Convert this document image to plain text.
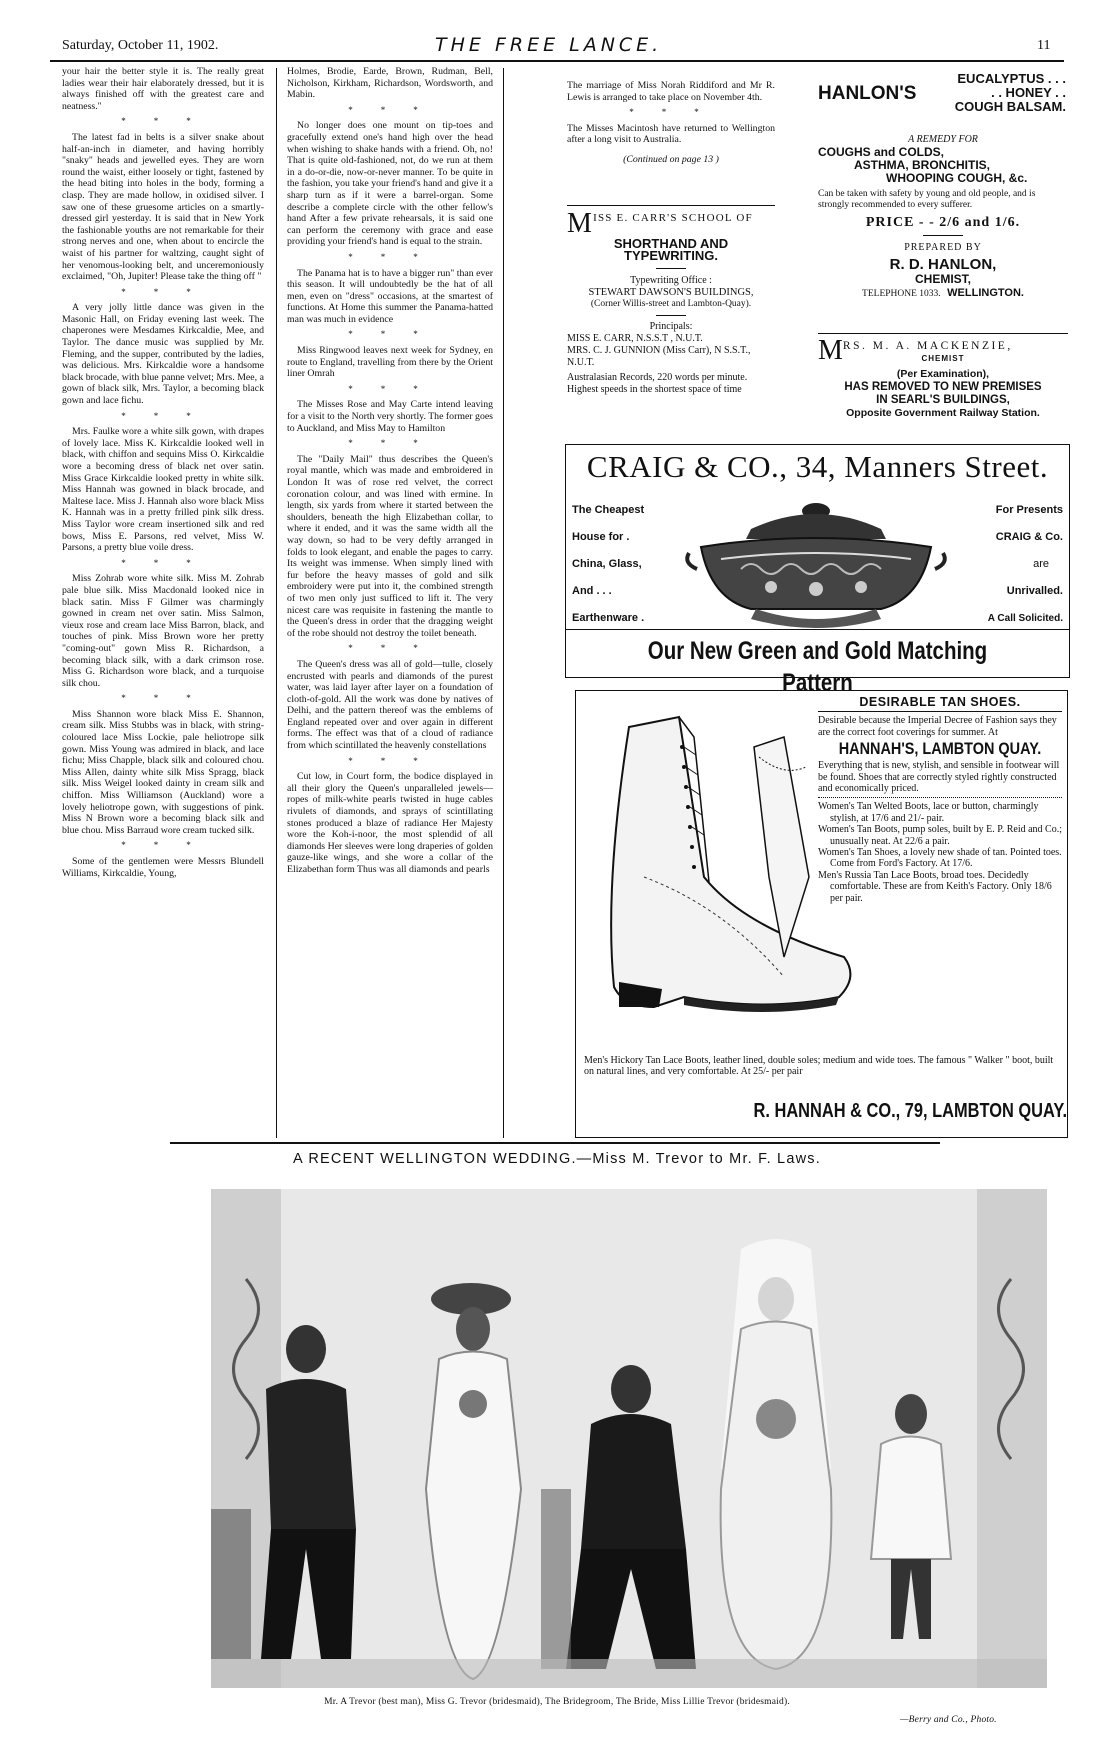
Saturday, October 11, 1902.	THE FREE LANCE.	11

your hair the better style it is. The really great ladies wear their hair elaborately dressed, but it is always finished off with the greatest care and neatness."

***

The latest fad in belts is a silver snake about half-an-inch in diameter, and having horribly "snaky" heads and jewelled eyes. They are worn round the waist, either loosely or tight, fastened by the head biting into holes in the body, forming a clasp. They are made hollow, in oxidised silver. I saw one of these gruesome articles on a smartly-dressed girl yesterday. It is said that in New York the fashionable youths are not remarkable for their strong nerves and one, when about to encircle the waist of his partner for waltzing, caught sight of her venomous-looking belt, and unceremoniously exclaimed, "Oh, Jupiter! Please take the thing off "

***

A very jolly little dance was given in the Masonic Hall, on Friday evening last week. The chaperones were Mesdames Kirkcaldie, Mee, and Taylor. The dance music was supplied by Mr. Fleming, and the supper, contributed by the ladies, was delicious. Mrs. Kirkcaldie wore a handsome black brocade, with blue panne velvet; Mrs. Mee, a gown of black silk, Mrs. Taylor, a becoming black gown and lace fichu.

***

Mrs. Faulke wore a white silk gown, with drapes of lovely lace. Miss K. Kirkcaldie looked well in black, with chiffon and sequins Miss O. Kirkcaldie wore a becoming dress of black net over satin. Miss Grace Kirkcaldie looked pretty in white silk. Miss Hannah was gowned in black brocade, and Maltese lace. Miss J. Hannah also wore black Miss K. Hannah was in a pretty frilled pink silk dress. Miss Taylor wore cream insertioned silk and red bows, Miss E. Parsons, red velvet, Miss W. Parsons, a pretty blue voile dress.

***

Miss Zohrab wore white silk. Miss M. Zohrab pale blue silk. Miss Macdonald looked nice in black satin. Miss F Gilmer was charmingly gowned in cream net over satin. Miss Salmon, vieux rose and cream lace Miss Barron, black, and touches of pink. Miss Brown wore her pretty "coming-out" gown Miss R. Richardson, a becoming black silk, with a dark crimson rose. Miss G. Richardson wore black, and a turquoise silk chou.

***

Miss Shannon wore black Miss E. Shannon, cream silk. Miss Stubbs was in black, with string-coloured lace Miss Lockie, pale heliotrope silk gown. Miss Young was admired in black, and lace fichu; Miss Chapple, black silk and coloured chou. Miss Allen, dainty white silk Miss Spragg, black silk. Miss Weigel looked dainty in cream silk and chiffon. Miss Williamson (Auckland) wore a lovely heliotrope gown, with suggestions of pink. Miss N Brown wore a becoming black silk and blue chou. Miss Barraud wore cream tucked silk.

***

Some of the gentlemen were Messrs Blundell Williams, Kirkcaldie, Young,

Holmes, Brodie, Earde, Brown, Rudman, Bell, Nicholson, Kirkham, Richardson, Wordsworth, and Mabin.

***

No longer does one mount on tip-toes and gracefully extend one's hand high over the head when wishing to shake hands with a friend. Oh, no! That is quite old-fashioned, not, do we run at them in a do-or-die, now-or-never manner. To be quite in the fashion, you take your friend's hand and give it a sharp turn as if it were a barrel-organ. Some describe a complete circle with the other fellow's hand After a few private rehearsals, it is said one can perform the ceremony with grace and ease providing your friend's hand is equal to the strain.

***

The Panama hat is to have a bigger run" than ever this season. It will undoubtedly be the hat of all men, even on "dress" occasions, at the smartest of functions. At Home this summer the Panama-hatted man was much in evidence

***

Miss Ringwood leaves next week for Sydney, en route to England, travelling from there by the Orient liner Omrah

***

The Misses Rose and May Carte intend leaving for a visit to the North very shortly. The former goes to Auckland, and Miss May to Hamilton

***

The "Daily Mail" thus describes the Queen's royal mantle, which was made and embroidered in London It was of rose red velvet, the correct coronation colour, and was lined with ermine. In length, six yards from where it started between the shoulders, beneath the high Elizabethan collar, to where it ended, and it was the same width all the way down, so had to be very deftly arranged in folds to look elegant, and enable the pages to carry. Its weight was immense. When simply lined with fur before the heavy masses of gold and silk embroidery were put into it, the combined strength of two men only just sufficed to lift it. The very nicest care was requisite in fastening the mantle to the Queen's dress in order that the dragging weight of the robe should not destroy the toilet beneath.

***

The Queen's dress was all of gold—tulle, closely encrusted with pearls and diamonds of the purest water, was laid layer after layer on a foundation of cloth-of-gold. All the work was done by natives of Delhi, and the pattern thereof was the emblems of England repeated over and over again in different forms. The effect was that of a cloud of radiance from which scintillated the heavenly constellations

***

Cut low, in Court form, the bodice displayed in all their glory the Queen's unparalleled jewels—ropes of milk-white pearls twisted in huge cables rivulets of diamonds, and sprays of scintillating stones produced a blaze of radiance Her Majesty wore the Koh-i-noor, the most splendid of all diamonds Her sleeves were long draperies of golden gauze-like wings, and she wore a collar of the Elizabethan form Thus was all diamonds and pearls

The marriage of Miss Norah Riddiford and Mr R. Lewis is arranged to take place on November 4th.

***

The Misses Macintosh have returned to Wellington after a long visit to Australia.

(Continued on page 13 )
MISS E. CARR'S SCHOOL OF
SHORTHAND AND TYPEWRITING.
Typewriting Office :
STEWART DAWSON'S BUILDINGS,
(Corner Willis-street and Lambton-Quay).
Principals:
MISS E. CARR, N.S.S.T , N.U.T.
MRS. C. J. GUNNION (Miss Carr), N S.S.T., N.U.T.
Australasian Records, 220 words per minute. Highest speeds in the shortest space of time
HANLON'S
EUCALYPTUS . . .
. . HONEY . .
COUGH BALSAM.
A REMEDY FOR
COUGHS and COLDS,
ASTHMA, BRONCHITIS,
WHOOPING COUGH, &c.
Can be taken with safety by young and old people, and is strongly recommended to every sufferer.
PRICE - - 2/6 and 1/6.
PREPARED BY
R. D. HANLON,
CHEMIST,
TELEPHONE 1033. WELLINGTON.
MRS. M. A. MACKENZIE,
CHEMIST
(Per Examination),
HAS REMOVED TO NEW PREMISES
IN SEARL'S BUILDINGS,
Opposite Government Railway Station.
CRAIG & CO., 34, Manners Street.
The Cheapest
House for .
China, Glass,
And . . .
Earthenware .
For Presents
CRAIG & Co.
are
Unrivalled.
A Call Solicited.
Our New Green and Gold Matching Pattern
DESIRABLE TAN SHOES.
Desirable because the Imperial Decree of Fashion says they are the correct foot coverings for summer. At
HANNAH'S, LAMBTON QUAY.
Everything that is new, stylish, and sensible in footwear will be found. Shoes that are correctly styled rightly constructed and economically priced.
Women's Tan Welted Boots, lace or button, charmingly stylish, at 17/6 and 21/- pair.
Women's Tan Boots, pump soles, built by E. P. Reid and Co.; unusually neat. At 22/6 a pair.
Women's Tan Shoes, a lovely new shade of tan. Pointed toes. Come from Ford's Factory. At 17/6.
Men's Russia Tan Lace Boots, broad toes. Decidedly comfortable. These are from Keith's Factory. Only 18/6 per pair.
Men's Hickory Tan Lace Boots, leather lined, double soles; medium and wide toes. The famous " Walker " boot, built on natural lines, and very comfortable. At 25/- per pair
R. HANNAH & CO., 79, LAMBTON QUAY.
A RECENT WELLINGTON WEDDING.—Miss M. Trevor to Mr. F. Laws.
Mr. A Trevor (best man), Miss G. Trevor (bridesmaid), The Bridegroom, The Bride, Miss Lillie Trevor (bridesmaid).
—Berry and Co., Photo.
